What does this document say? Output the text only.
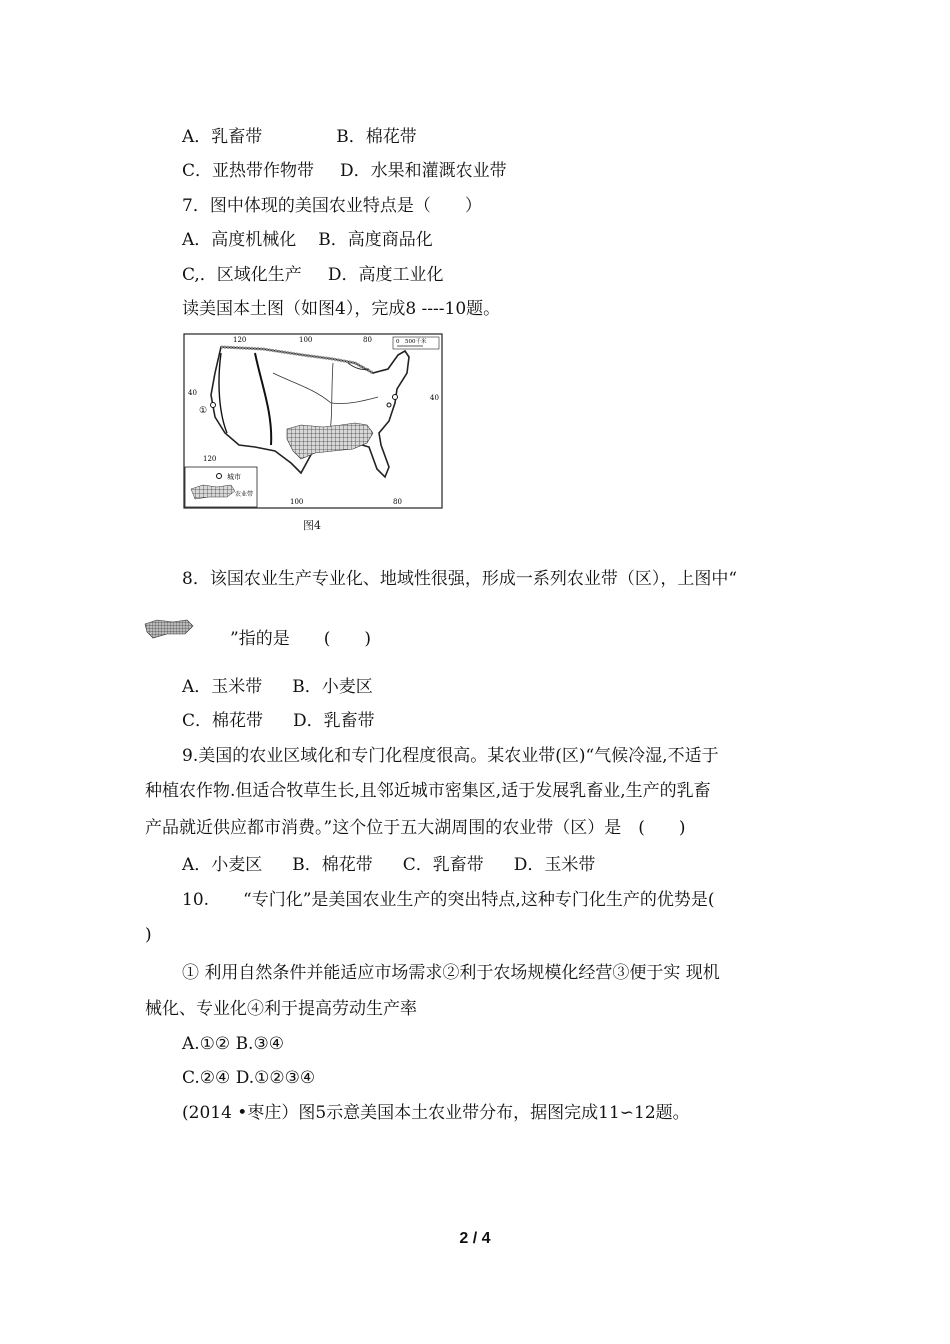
A．乳畜带	B．棉花带
C．亚热带作物带 D．水果和灌溉农业带
7．图中体现的美国农业特点是（　　）
A．高度机械化 B．高度商品化
C,．区域化生产 D．高度工业化
读美国本土图（如图4），完成8 ----10题。
0　500千米
120	100	80
40
40
①
120
100	80
城市
农业带
图4
8．该国农业生产专业化、地域性很强，形成一系列农业带（区），上图中“
”指的是　　(　　)
A．玉米带 B．小麦区
C．棉花带 D．乳畜带
9.美国的农业区域化和专门化程度很高。某农业带(区)“气候冷湿,不适于
种植农作物.但适合牧草生长,且邻近城市密集区,适于发展乳畜业,生产的乳畜
产品就近供应都市消费。”这个位于五大湖周围的农业带（区）是　(　　)
A．小麦区 B．棉花带 C．乳畜带 D．玉米带
10.　　“专门化”是美国农业生产的突出特点,这种专门化生产的优势是(
)
① 利用自然条件并能适应市场需求②利于农场规模化经营③便于实 现机
械化、专业化④利于提高劳动生产率
A.①② B.③④
C.②④ D.①②③④
(2014 •枣庄）图5示意美国本土农业带分布，据图完成11∽12题。
2 / 4
